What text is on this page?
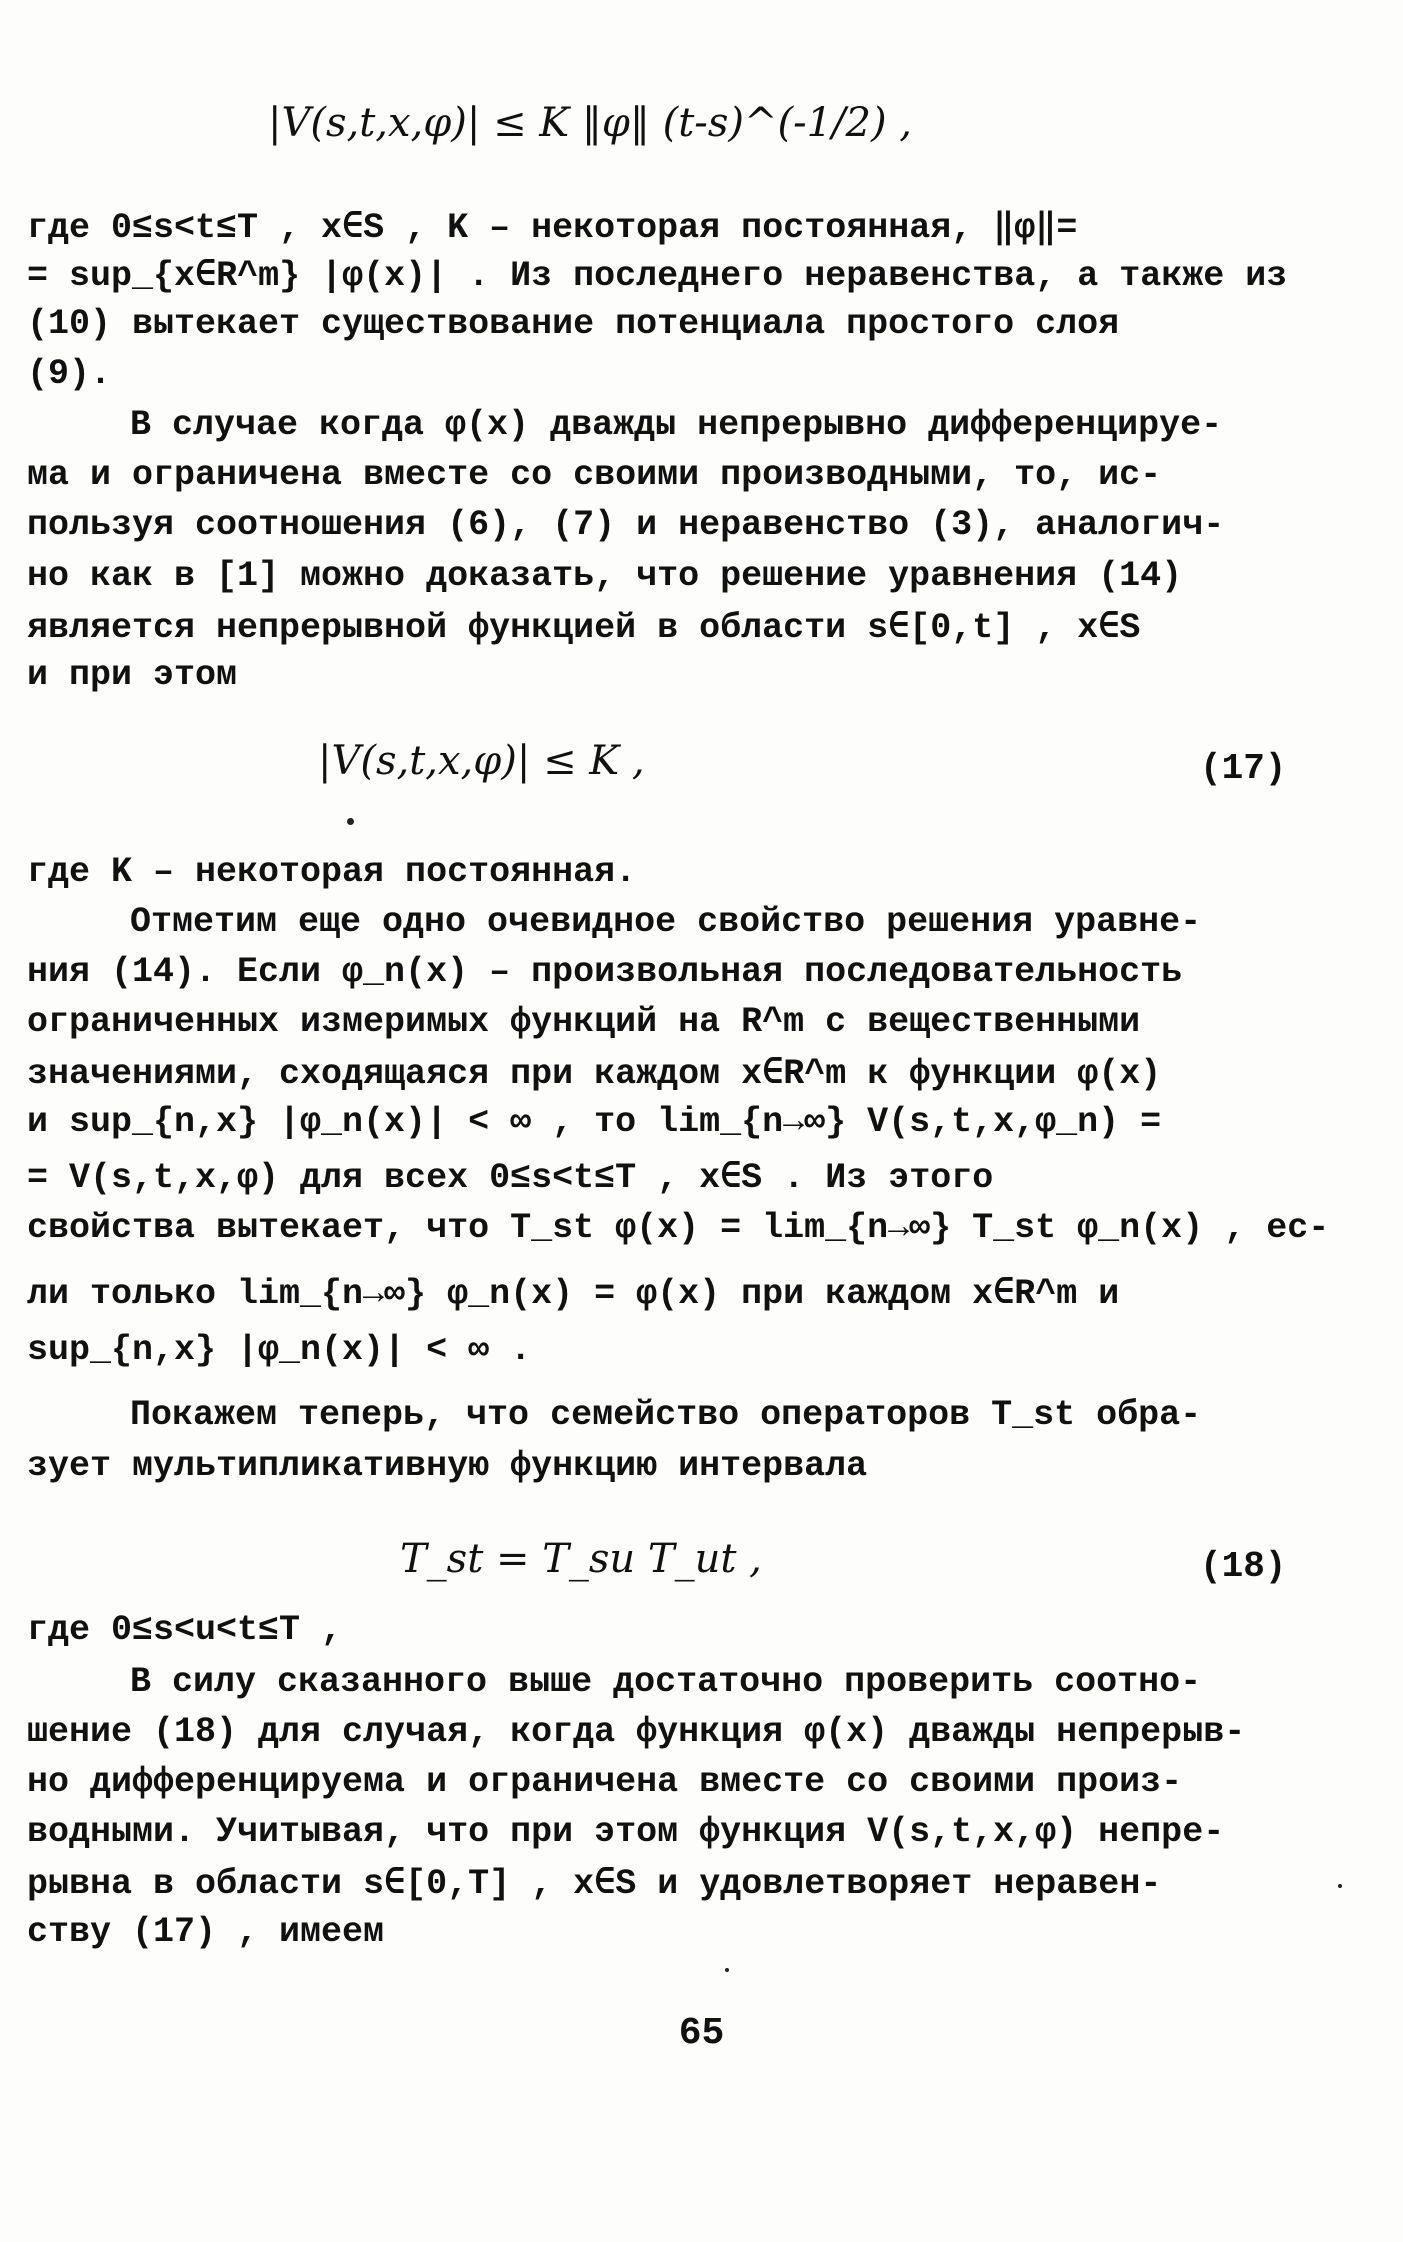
|V(s,t,x,φ)| ≤ K ‖φ‖ (t-s)^(-1/2) ,
где 0≤s<t≤T , x∈S , K – некоторая постоянная, ‖φ‖=
= sup_{x∈R^m} |φ(x)| . Из последнего неравенства, а также из
(10) вытекает существование потенциала простого слоя
(9).
В случае когда φ(x) дважды непрерывно дифференцируе-
ма и ограничена вместе со своими производными, то, ис-
пользуя соотношения (6), (7) и неравенство (3), аналогич-
но как в [1] можно доказать, что решение уравнения (14)
является непрерывной функцией в области s∈[0,t] , x∈S
и при этом
|V(s,t,x,φ)| ≤ K ,	(17)
где K – некоторая постоянная.
Отметим еще одно очевидное свойство решения уравне-
ния (14). Если φ_n(x) – произвольная последовательность
ограниченных измеримых функций на R^m с вещественными
значениями, сходящаяся при каждом x∈R^m к функции φ(x)
и sup_{n,x} |φ_n(x)| < ∞ , то lim_{n→∞} V(s,t,x,φ_n) =
= V(s,t,x,φ) для всех 0≤s<t≤T , x∈S . Из этого
свойства вытекает, что T_st φ(x) = lim_{n→∞} T_st φ_n(x) , ес-
ли только lim_{n→∞} φ_n(x) = φ(x) при каждом x∈R^m и
sup_{n,x} |φ_n(x)| < ∞ .
Покажем теперь, что семейство операторов T_st обра-
зует мультипликативную функцию интервала
T_st = T_su T_ut ,	(18)
где 0≤s<u<t≤T ,
В силу сказанного выше достаточно проверить соотно-
шение (18) для случая, когда функция φ(x) дважды непрерыв-
но дифференцируема и ограничена вместе со своими произ-
водными. Учитывая, что при этом функция V(s,t,x,φ) непре-
рывна в области s∈[0,T] , x∈S и удовлетворяет неравен-
ству (17) , имеем
65
